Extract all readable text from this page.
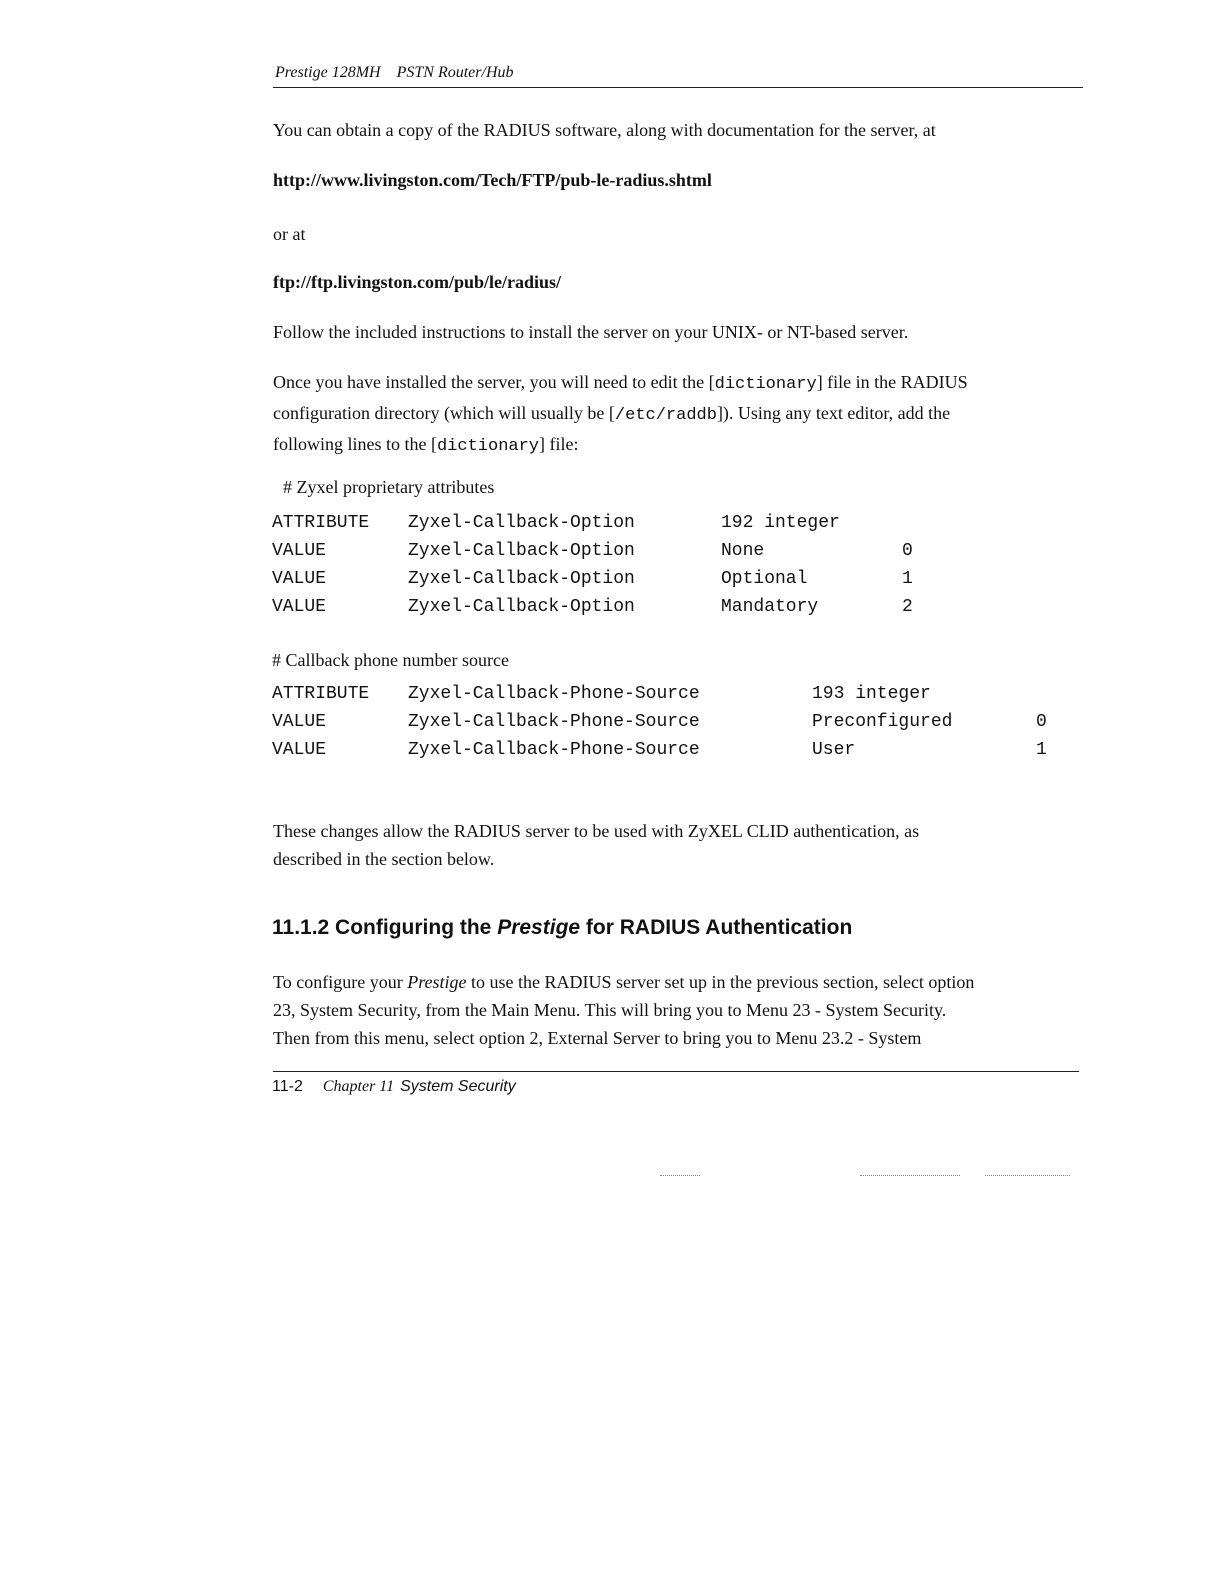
Prestige 128MH PSTN Router/Hub

You can obtain a copy of the RADIUS software, along with documentation for the server, at

http://www.livingston.com/Tech/FTP/pub-le-radius.shtml

or at

ftp://ftp.livingston.com/pub/le/radius/

Follow the included instructions to install the server on your UNIX- or NT-based server.

Once you have installed the server, you will need to edit the [dictionary] file in the RADIUS
configuration directory (which will usually be [/etc/raddb]). Using any text editor, add the
following lines to the [dictionary] file:
# Zyxel proprietary attributes
ATTRIBUTE Zyxel-Callback-Option	192 integer
VALUE	Zyxel-Callback-Option	None	0
VALUE	Zyxel-Callback-Option	Optional	1
VALUE	Zyxel-Callback-Option	Mandatory	2
# Callback phone number source
ATTRIBUTE Zyxel-Callback-Phone-Source	193 integer
VALUE	Zyxel-Callback-Phone-Source	Preconfigured	0
VALUE	Zyxel-Callback-Phone-Source	User	1
These changes allow the RADIUS server to be used with ZyXEL CLID authentication, as
described in the section below.
11.1.2 Configuring the Prestige for RADIUS Authentication
To configure your Prestige to use the RADIUS server set up in the previous section, select option
23, System Security, from the Main Menu. This will bring you to Menu 23 - System Security.
Then from this menu, select option 2, External Server to bring you to Menu 23.2 - System
11-2 Chapter 11 System Security
